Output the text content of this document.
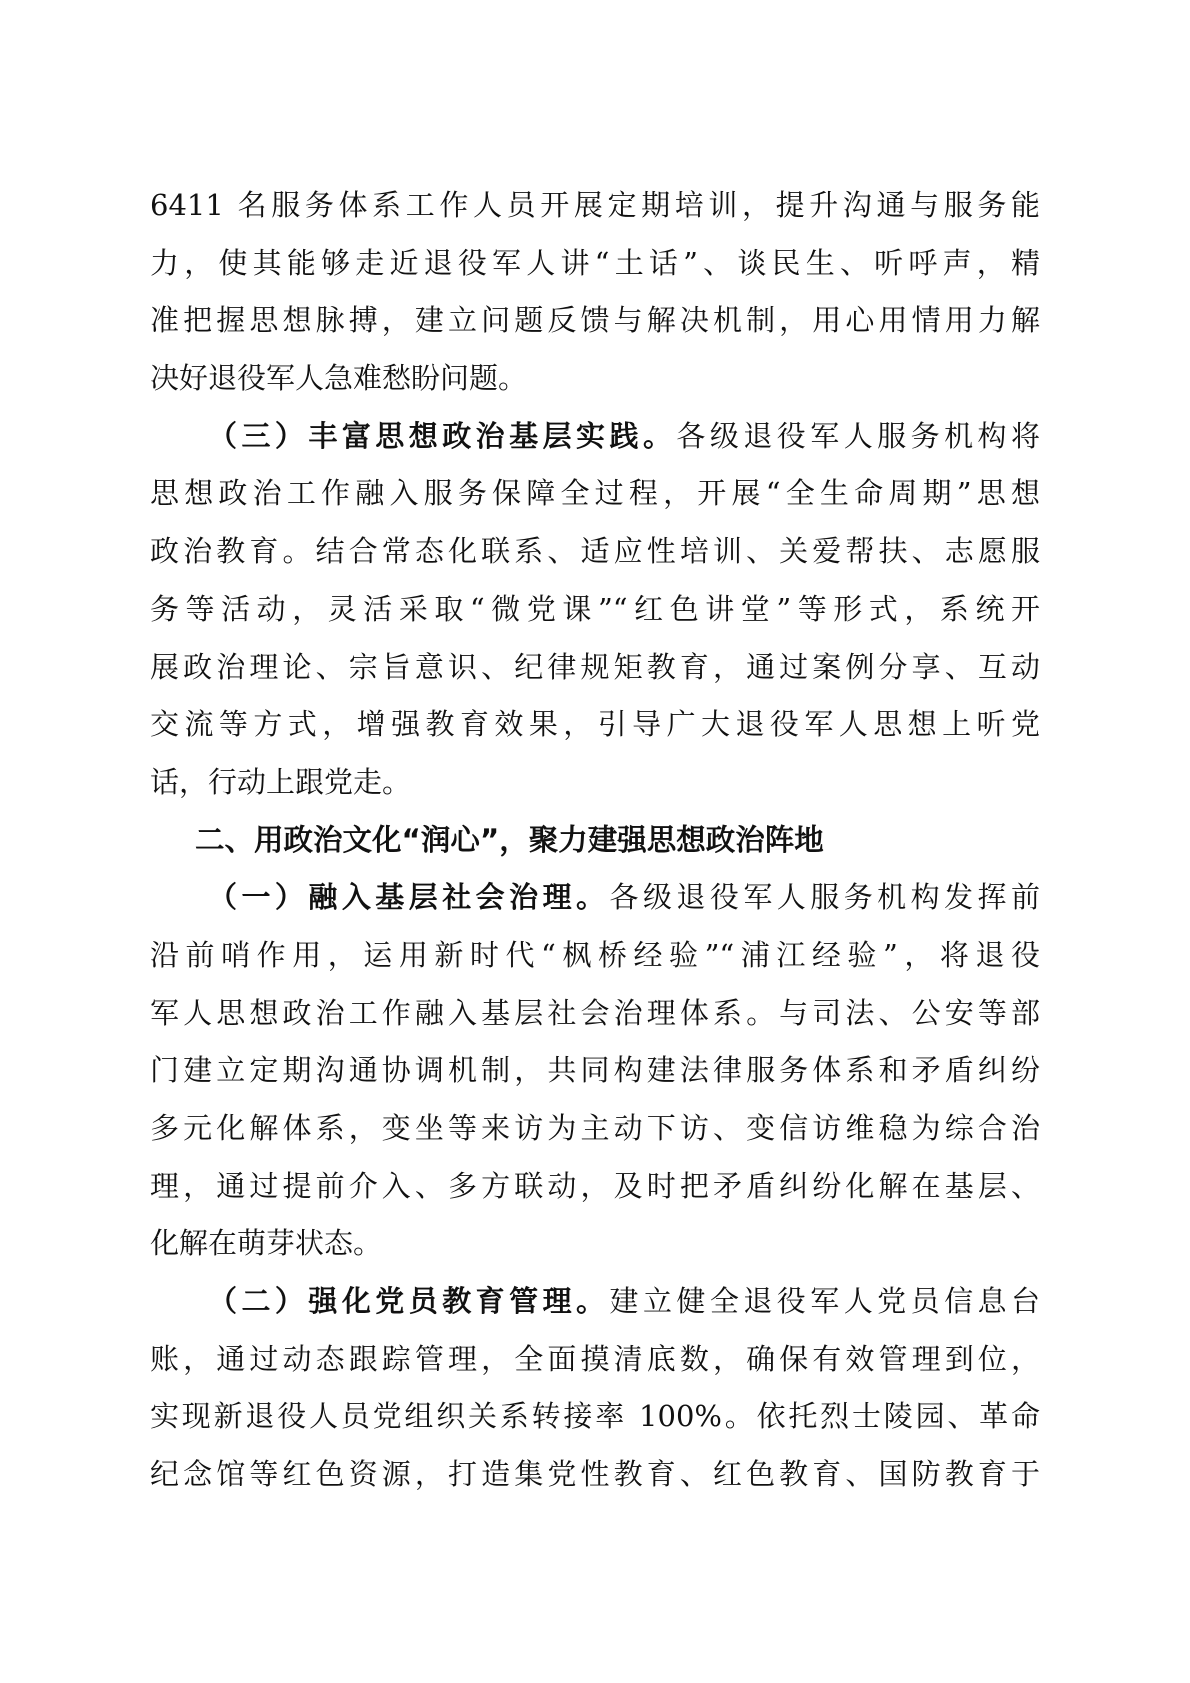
6411 名服务体系工作人员开展定期培训，提升沟通与服务能
力，使其能够走近退役军人讲“土话”、谈民生、听呼声，精
准把握思想脉搏，建立问题反馈与解决机制，用心用情用力解
决好退役军人急难愁盼问题。
（三）丰富思想政治基层实践。各级退役军人服务机构将
思想政治工作融入服务保障全过程，开展“全生命周期”思想
政治教育。结合常态化联系、适应性培训、关爱帮扶、志愿服
务等活动，灵活采取“微党课”“红色讲堂”等形式，系统开
展政治理论、宗旨意识、纪律规矩教育，通过案例分享、互动
交流等方式，增强教育效果，引导广大退役军人思想上听党
话，行动上跟党走。
二、用政治文化“润心”，聚力建强思想政治阵地
（一）融入基层社会治理。各级退役军人服务机构发挥前
沿前哨作用，运用新时代“枫桥经验”“浦江经验”，将退役
军人思想政治工作融入基层社会治理体系。与司法、公安等部
门建立定期沟通协调机制，共同构建法律服务体系和矛盾纠纷
多元化解体系，变坐等来访为主动下访、变信访维稳为综合治
理，通过提前介入、多方联动，及时把矛盾纠纷化解在基层、
化解在萌芽状态。
（二）强化党员教育管理。建立健全退役军人党员信息台
账，通过动态跟踪管理，全面摸清底数，确保有效管理到位，
实现新退役人员党组织关系转接率 100%。依托烈士陵园、革命
纪念馆等红色资源，打造集党性教育、红色教育、国防教育于
